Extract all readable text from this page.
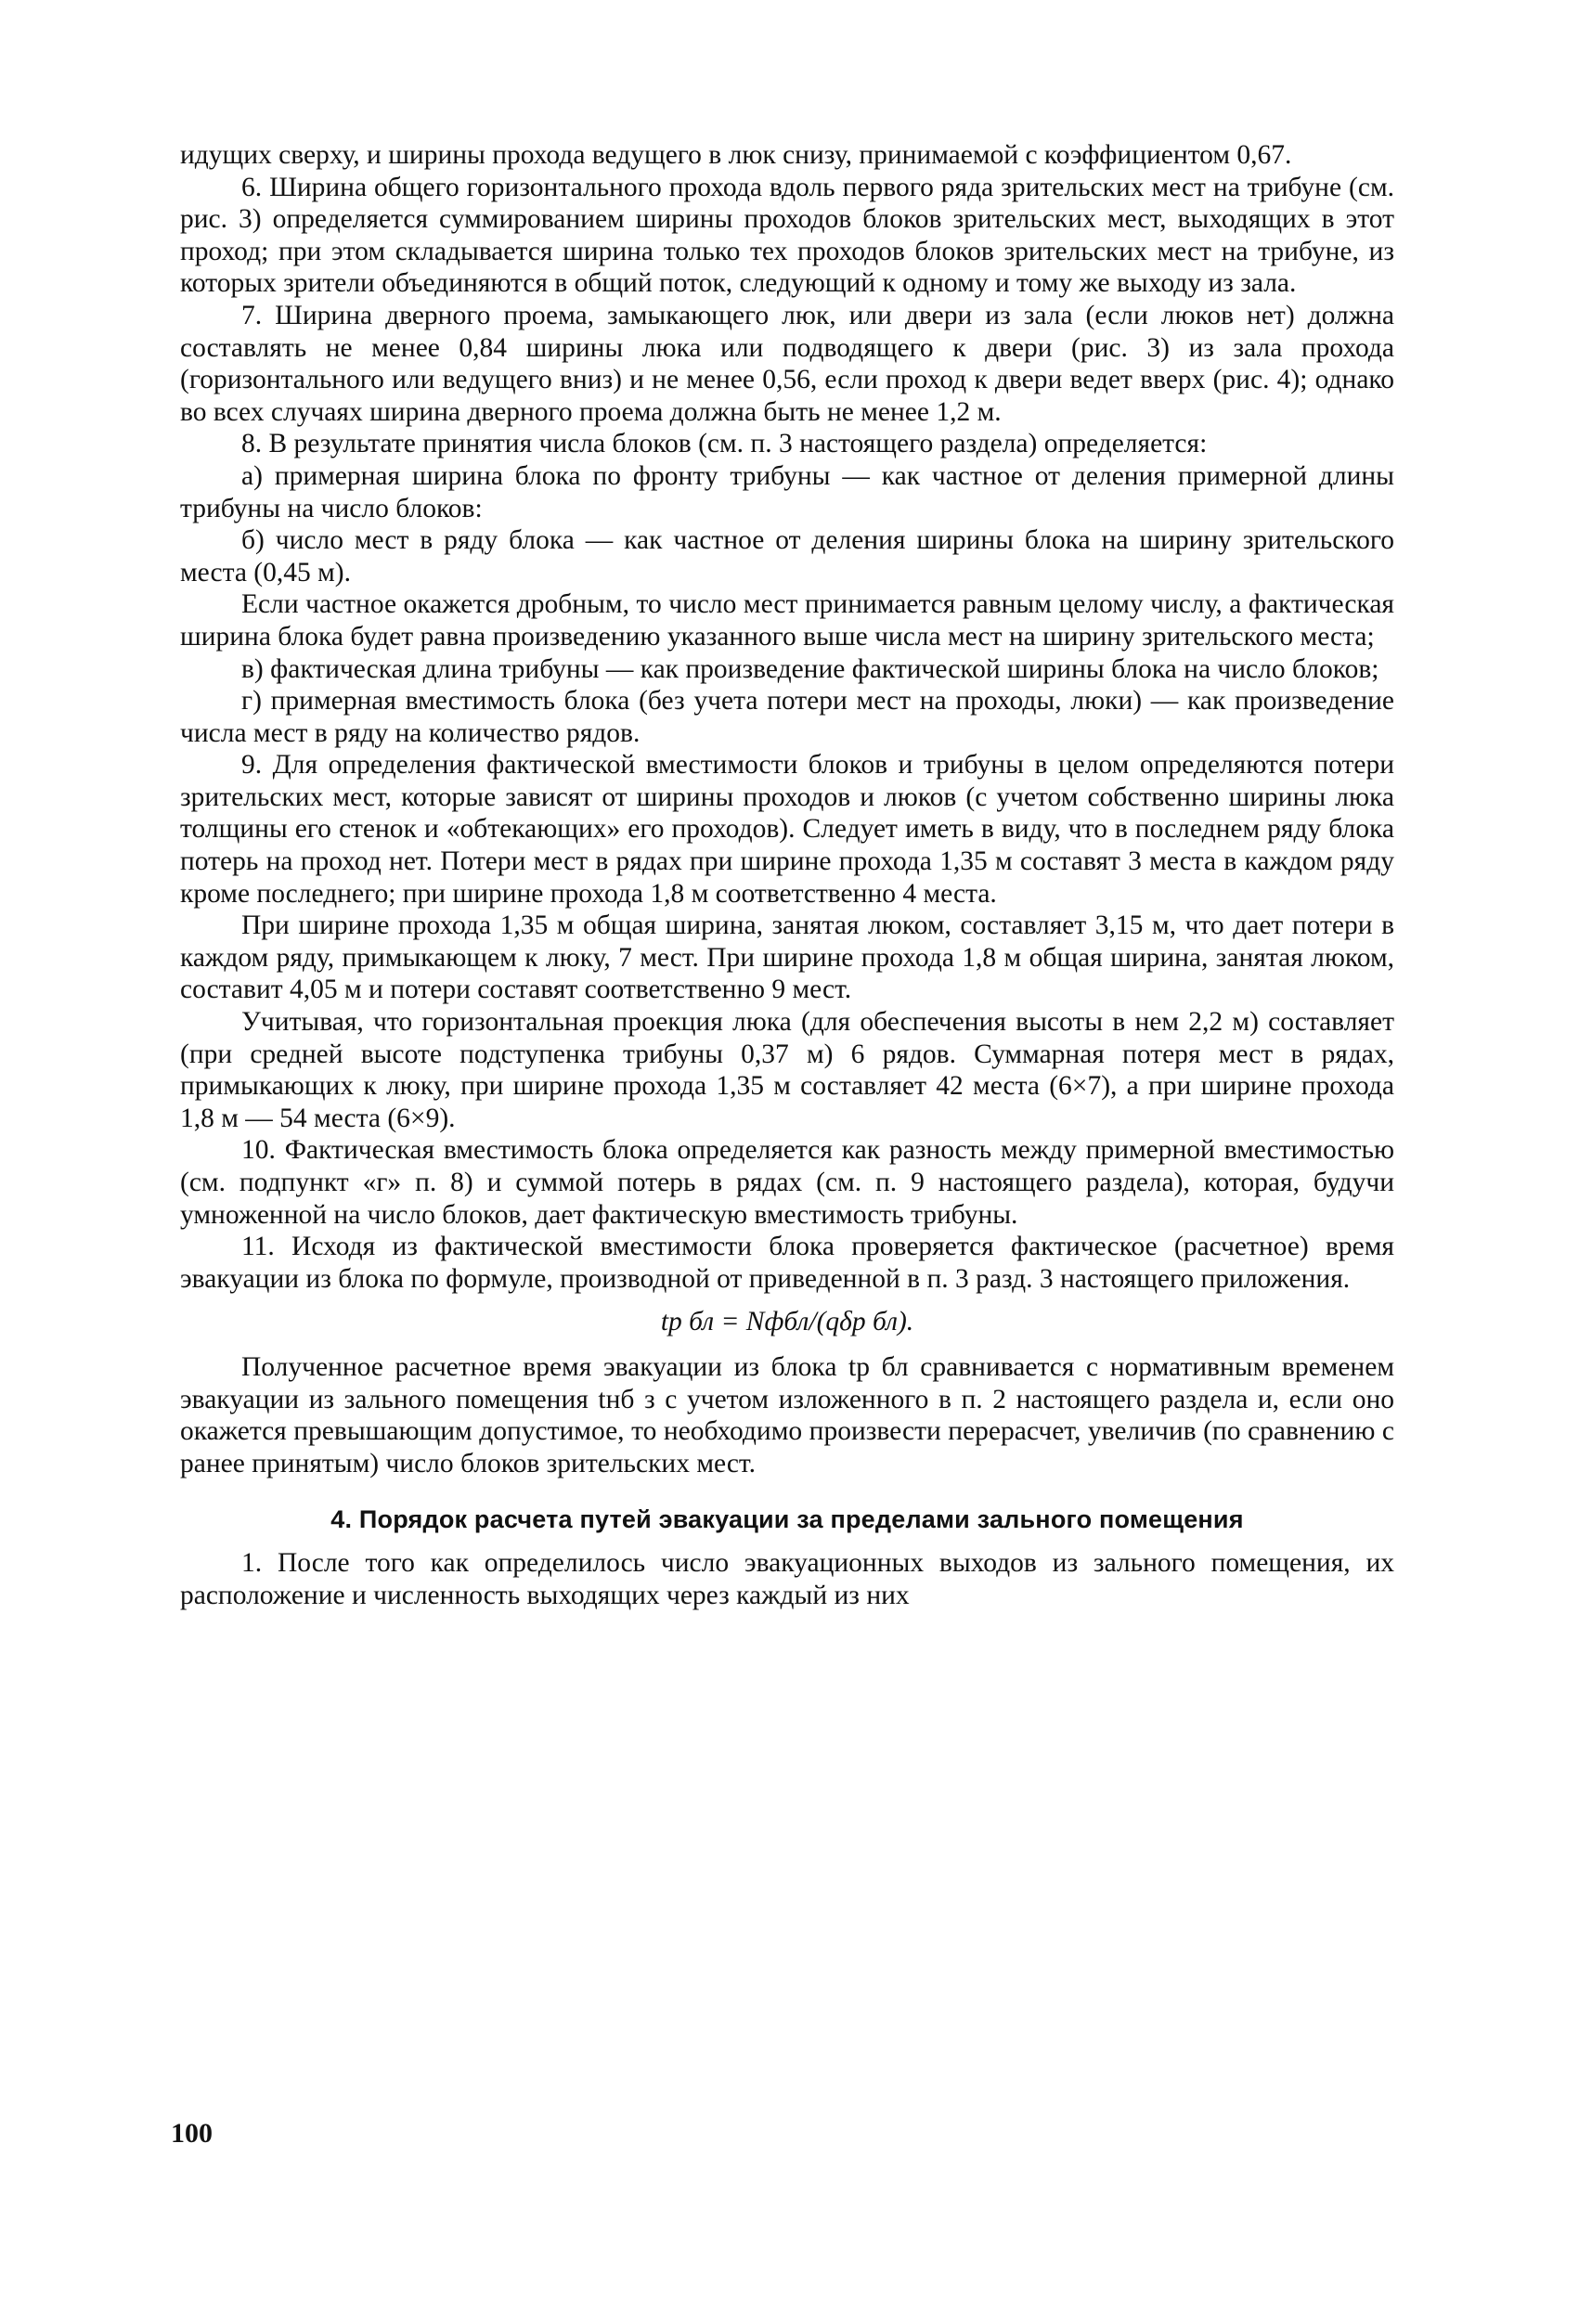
идущих сверху, и ширины прохода ведущего в люк снизу, принимаемой с коэффициентом 0,67.

6. Ширина общего горизонтального прохода вдоль первого ряда зрительских мест на трибуне (см. рис. 3) определяется суммированием ширины проходов блоков зрительских мест, выходящих в этот проход; при этом складывается ширина только тех проходов блоков зрительских мест на трибуне, из которых зрители объединяются в общий поток, следующий к одному и тому же выходу из зала.

7. Ширина дверного проема, замыкающего люк, или двери из зала (если люков нет) должна составлять не менее 0,84 ширины люка или подводящего к двери (рис. 3) из зала прохода (горизонтального или ведущего вниз) и не менее 0,56, если проход к двери ведет вверх (рис. 4); однако во всех случаях ширина дверного проема должна быть не менее 1,2 м.

8. В результате принятия числа блоков (см. п. 3 настоящего раздела) определяется:

а) примерная ширина блока по фронту трибуны — как частное от деления примерной длины трибуны на число блоков:

б) число мест в ряду блока — как частное от деления ширины блока на ширину зрительского места (0,45 м).

Если частное окажется дробным, то число мест принимается равным целому числу, а фактическая ширина блока будет равна произведению указанного выше числа мест на ширину зрительского места;

в) фактическая длина трибуны — как произведение фактической ширины блока на число блоков;

г) примерная вместимость блока (без учета потери мест на проходы, люки) — как произведение числа мест в ряду на количество рядов.

9. Для определения фактической вместимости блоков и трибуны в целом определяются потери зрительских мест, которые зависят от ширины проходов и люков (с учетом собственно ширины люка толщины его стенок и «обтекающих» его проходов). Следует иметь в виду, что в последнем ряду блока потерь на проход нет. Потери мест в рядах при ширине прохода 1,35 м составят 3 места в каждом ряду кроме последнего; при ширине прохода 1,8 м соответственно 4 места.

При ширине прохода 1,35 м общая ширина, занятая люком, составляет 3,15 м, что дает потери в каждом ряду, примыкающем к люку, 7 мест. При ширине прохода 1,8 м общая ширина, занятая люком, составит 4,05 м и потери составят соответственно 9 мест.

Учитывая, что горизонтальная проекция люка (для обеспечения высоты в нем 2,2 м) составляет (при средней высоте подступенка трибуны 0,37 м) 6 рядов. Суммарная потеря мест в рядах, примыкающих к люку, при ширине прохода 1,35 м составляет 42 места (6×7), а при ширине прохода 1,8 м — 54 места (6×9).

10. Фактическая вместимость блока определяется как разность между примерной вместимостью (см. подпункт «г» п. 8) и суммой потерь в рядах (см. п. 9 настоящего раздела), которая, будучи умноженной на число блоков, дает фактическую вместимость трибуны.

11. Исходя из фактической вместимости блока проверяется фактическое (расчетное) время эвакуации из блока по формуле, производной от приведенной в п. 3 разд. 3 настоящего приложения.

tр бл = Nфбл/(qδр бл).

Полученное расчетное время эвакуации из блока tр бл сравнивается с нормативным временем эвакуации из зального помещения tнб з с учетом изложенного в п. 2 настоящего раздела и, если оно окажется превышающим допустимое, то необходимо произвести перерасчет, увеличив (по сравнению с ранее принятым) число блоков зрительских мест.

4. Порядок расчета путей эвакуации за пределами зального помещения

1. После того как определилось число эвакуационных выходов из зального помещения, их расположение и численность выходящих через каждый из них

100
